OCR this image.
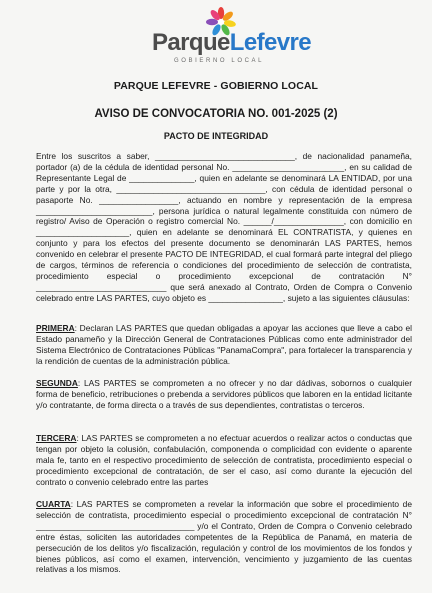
ParqueLefevre
GOBIERNO LOCAL
PARQUE LEFEVRE - GOBIERNO LOCAL
AVISO DE CONVOCATORIA NO. 001-2025 (2)
PACTO DE INTEGRIDAD

Entre los suscritos a saber, ______________________________, de nacionalidad panameña, portador (a) de la cédula de identidad personal No. ________________________, en su calidad de Representante Legal de ______________, quien en adelante se denominará LA ENTIDAD, por una parte y por la otra, ________________________________, con cédula de identidad personal o pasaporte No. _________________, actuando en nombre y representación de la empresa _________________________, persona jurídica o natural legalmente constituida con número de registro/ Aviso de Operación o registro comercial No. ______/_______________, con domicilio en ____________________, quien en adelante se denominará EL CONTRATISTA, y quienes en conjunto y para los efectos del presente documento se denominarán LAS PARTES, hemos convenido en celebrar el presente PACTO DE INTEGRIDAD, el cual formará parte integral del pliego de cargos, términos de referencia o condiciones del procedimiento de selección de contratista, procedimiento especial o procedimiento excepcional de contratación N° ____________________________ que será anexado al Contrato, Orden de Compra o Convenio celebrado entre LAS PARTES, cuyo objeto es ________________, sujeto a las siguientes cláusulas:

PRIMERA: Declaran LAS PARTES que quedan obligadas a apoyar las acciones que lleve a cabo el Estado panameño y la Dirección General de Contrataciones Públicas como ente administrador del Sistema Electrónico de Contrataciones Públicas "PanamaCompra", para fortalecer la transparencia y la rendición de cuentas de la administración pública.

SEGUNDA: LAS PARTES se comprometen a no ofrecer y no dar dádivas, sobornos o cualquier forma de beneficio, retribuciones o prebenda a servidores públicos que laboren en la entidad licitante y/o contratante, de forma directa o a través de sus dependientes, contratistas o terceros.

TERCERA: LAS PARTES se comprometen a no efectuar acuerdos o realizar actos o conductas que tengan por objeto la colusión, confabulación, componenda o complicidad con evidente o aparente mala fe, tanto en el respectivo procedimiento de selección de contratista, procedimiento especial o procedimiento excepcional de contratación, de ser el caso, así como durante la ejecución del contrato o convenio celebrado entre las partes

CUARTA: LAS PARTES se comprometen a revelar la información que sobre el procedimiento de selección de contratista, procedimiento especial o procedimiento excepcional de contratación N° __________________________________ y/o el Contrato, Orden de Compra o Convenio celebrado entre éstas, soliciten las autoridades competentes de la República de Panamá, en materia de persecución de los delitos y/o fiscalización, regulación y control de los movimientos de los fondos y bienes públicos, así como el examen, intervención, vencimiento y juzgamiento de las cuentas relativas a los mismos.
